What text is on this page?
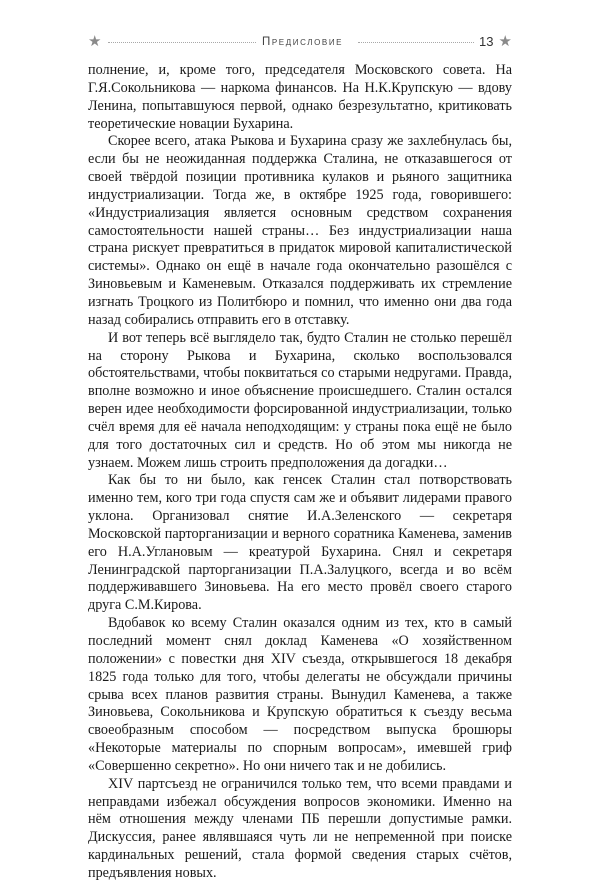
★	Предисловие	13 ★

полнение, и, кроме того, председателя Московского совета. На Г.Я.Сокольникова — наркома финансов. На Н.К.Крупскую — вдову Ленина, попытавшуюся первой, однако безрезультатно, критиковать теоретические новации Бухарина.

Скорее всего, атака Рыкова и Бухарина сразу же захлебнулась бы, если бы не неожиданная поддержка Сталина, не отказавшегося от своей твёрдой позиции противника кулаков и рьяного защитника индустриализации. Тогда же, в октябре 1925 года, говорившего: «Индустриализация является основным средством сохранения самостоятельности нашей страны… Без индустриализации наша страна рискует превратиться в придаток мировой капиталистической системы». Однако он ещё в начале года окончательно разошёлся с Зиновьевым и Каменевым. Отказался поддерживать их стремление изгнать Троцкого из Политбюро и помнил, что именно они два года назад собирались отправить его в отставку.

И вот теперь всё выглядело так, будто Сталин не столько перешёл на сторону Рыкова и Бухарина, сколько воспользовался обстоятельствами, чтобы поквитаться со старыми недругами. Правда, вполне возможно и иное объяснение происшедшего. Сталин остался верен идее необходимости форсированной индустриализации, только счёл время для её начала неподходящим: у страны пока ещё не было для того достаточных сил и средств. Но об этом мы никогда не узнаем. Можем лишь строить предположения да догадки…

Как бы то ни было, как генсек Сталин стал потворствовать именно тем, кого три года спустя сам же и объявит лидерами правого уклона. Организовал снятие И.А.Зеленского — секретаря Московской парторганизации и верного соратника Каменева, заменив его Н.А.Углановым — креатурой Бухарина. Снял и секретаря Ленинградской парторганизации П.А.Залуцкого, всегда и во всём поддерживавшего Зиновьева. На его место провёл своего старого друга С.М.Кирова.

Вдобавок ко всему Сталин оказался одним из тех, кто в самый последний момент снял доклад Каменева «О хозяйственном положении» с повестки дня XIV съезда, открывшегося 18 декабря 1825 года только для того, чтобы делегаты не обсуждали причины срыва всех планов развития страны. Вынудил Каменева, а также Зиновьева, Сокольникова и Крупскую обратиться к съезду весьма своеобразным способом — посредством выпуска брошюры «Некоторые материалы по спорным вопросам», имевшей гриф «Совершенно секретно». Но они ничего так и не добились.

XIV партсъезд не ограничился только тем, что всеми правдами и неправдами избежал обсуждения вопросов экономики. Именно на нём отношения между членами ПБ перешли допустимые рамки. Дискуссия, ранее являвшаяся чуть ли не непременной при поиске кардинальных решений, стала формой сведения старых счётов, предъявления новых.
